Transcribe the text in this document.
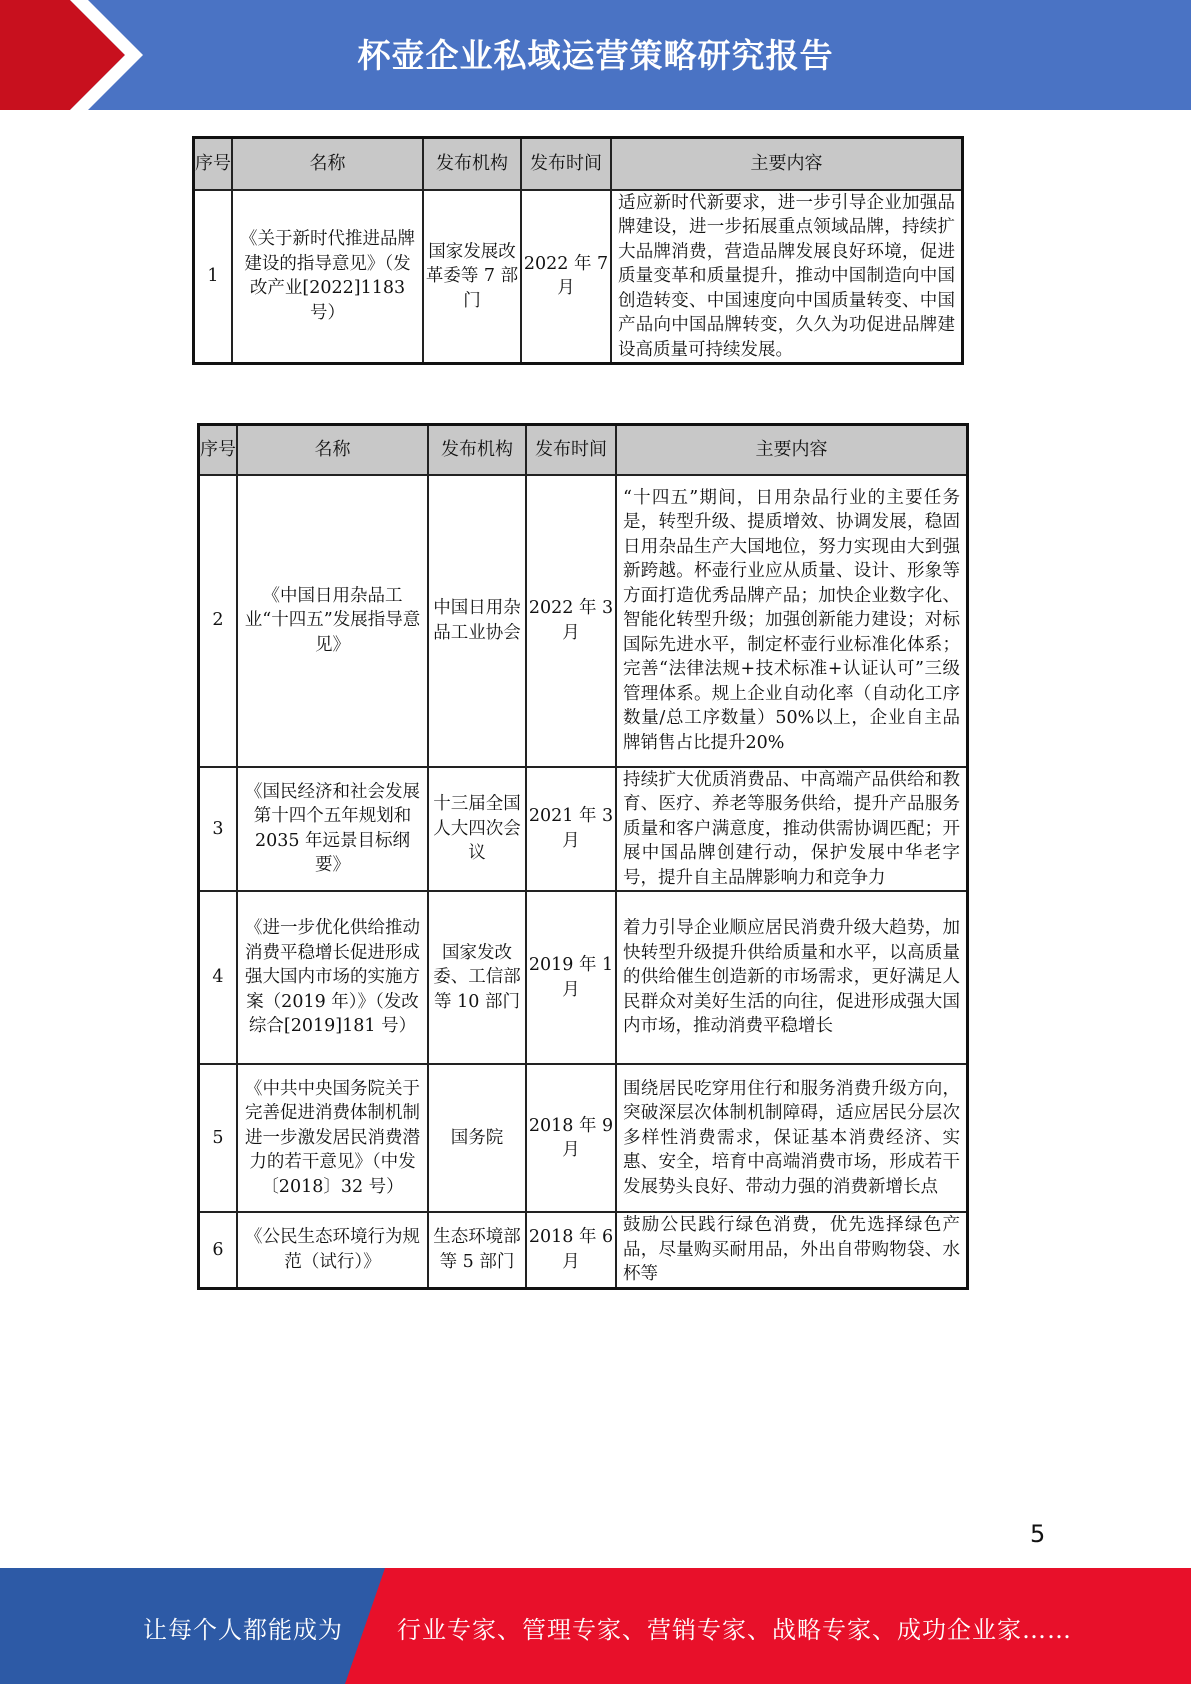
杯壶企业私域运营策略研究报告
序号	名称	发布机构	发布时间	主要内容
1	《关于新时代推进品牌建设的指导意见》（发改产业[2022]1183 号）	国家发展改革委等 7 部门	2022 年 7 月	适应新时代新要求，进一步引导企业加强品牌建设，进一步拓展重点领域品牌，持续扩大品牌消费，营造品牌发展良好环境，促进质量变革和质量提升，推动中国制造向中国创造转变、中国速度向中国质量转变、中国产品向中国品牌转变，久久为功促进品牌建设高质量可持续发展。
序号	名称	发布机构	发布时间	主要内容
2	《中国日用杂品工业“十四五”发展指导意见》	中国日用杂品工业协会	2022 年 3 月	“十四五”期间，日用杂品行业的主要任务是，转型升级、提质增效、协调发展，稳固日用杂品生产大国地位，努力实现由大到强新跨越。杯壶行业应从质量、设计、形象等方面打造优秀品牌产品；加快企业数字化、智能化转型升级；加强创新能力建设；对标国际先进水平，制定杯壶行业标准化体系；完善“法律法规+技术标准+认证认可”三级管理体系。规上企业自动化率（自动化工序数量/总工序数量）50%以上，企业自主品牌销售占比提升20%
3	《国民经济和社会发展第十四个五年规划和 2035 年远景目标纲要》	十三届全国人大四次会议	2021 年 3 月	持续扩大优质消费品、中高端产品供给和教育、医疗、养老等服务供给，提升产品服务质量和客户满意度，推动供需协调匹配；开展中国品牌创建行动，保护发展中华老字号，提升自主品牌影响力和竞争力
4	《进一步优化供给推动消费平稳增长促进形成强大国内市场的实施方案（2019 年）》（发改综合[2019]181 号）	国家发改委、工信部等 10 部门	2019 年 1 月	着力引导企业顺应居民消费升级大趋势，加快转型升级提升供给质量和水平，以高质量的供给催生创造新的市场需求，更好满足人民群众对美好生活的向往，促进形成强大国内市场，推动消费平稳增长
5	《中共中央国务院关于完善促进消费体制机制进一步激发居民消费潜力的若干意见》（中发〔2018〕32 号）	国务院	2018 年 9 月	围绕居民吃穿用住行和服务消费升级方向，突破深层次体制机制障碍，适应居民分层次多样性消费需求，保证基本消费经济、实惠、安全，培育中高端消费市场，形成若干发展势头良好、带动力强的消费新增长点
6	《公民生态环境行为规范（试行）》	生态环境部等 5 部门	2018 年 6 月	鼓励公民践行绿色消费，优先选择绿色产品，尽量购买耐用品，外出自带购物袋、水杯等
5
让每个人都能成为 行业专家、管理专家、营销专家、战略专家、成功企业家……
